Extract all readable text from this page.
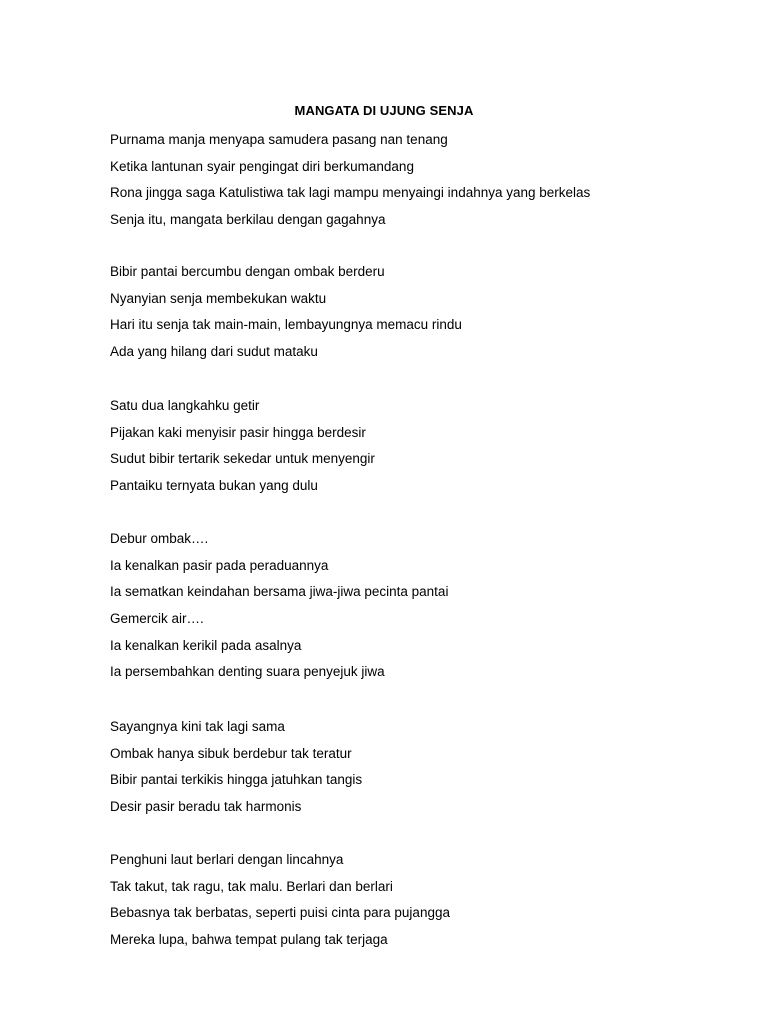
MANGATA DI UJUNG SENJA
Purnama manja menyapa samudera pasang nan tenang
Ketika lantunan syair pengingat diri berkumandang
Rona jingga saga Katulistiwa tak lagi mampu menyaingi indahnya yang berkelas
Senja itu, mangata berkilau dengan gagahnya
Bibir pantai bercumbu dengan ombak berderu
Nyanyian senja membekukan waktu
Hari itu senja tak main-main, lembayungnya memacu rindu
Ada yang hilang dari sudut mataku
Satu dua langkahku getir
Pijakan kaki menyisir pasir hingga berdesir
Sudut bibir tertarik sekedar untuk menyengir
Pantaiku ternyata bukan yang dulu
Debur ombak….
Ia kenalkan pasir pada peraduannya
Ia sematkan keindahan bersama jiwa-jiwa pecinta pantai
Gemercik air….
Ia kenalkan kerikil pada asalnya
Ia persembahkan denting suara penyejuk jiwa
Sayangnya kini tak lagi sama
Ombak hanya sibuk berdebur tak teratur
Bibir pantai terkikis hingga jatuhkan tangis
Desir pasir beradu tak harmonis
Penghuni laut berlari dengan lincahnya
Tak takut, tak ragu, tak malu. Berlari dan berlari
Bebasnya tak berbatas, seperti puisi cinta para pujangga
Mereka lupa, bahwa tempat pulang tak terjaga
